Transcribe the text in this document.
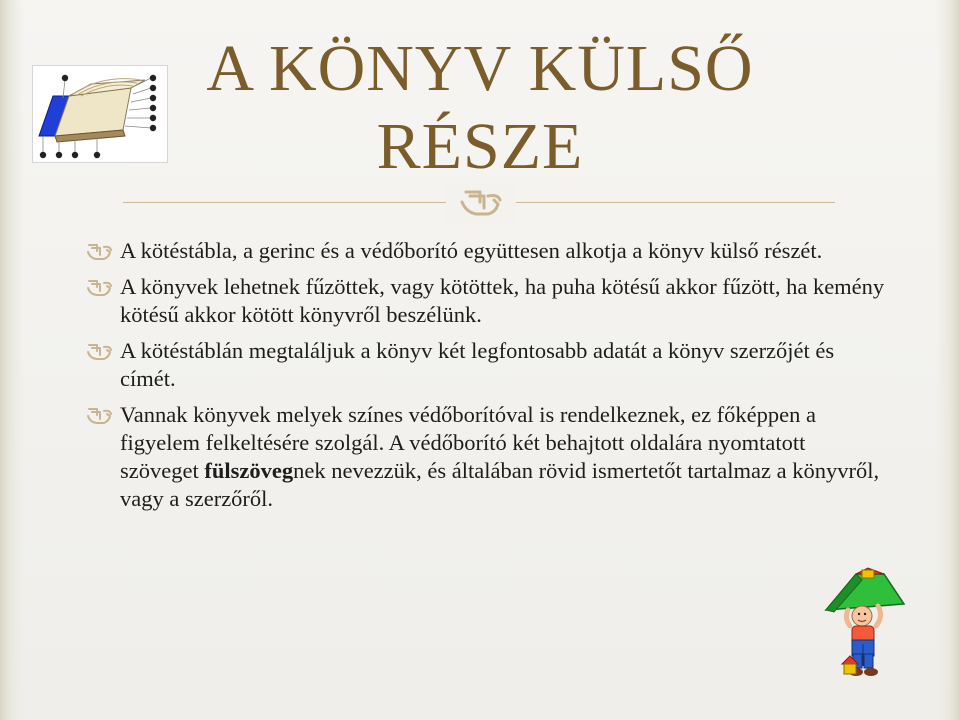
A KÖNYV KÜLSŐ
RÉSZE
A kötéstábla, a gerinc és a védőborító együttesen alkotja a könyv külső részét.
A könyvek lehetnek fűzöttek, vagy kötöttek, ha puha kötésű akkor fűzött, ha kemény kötésű akkor kötött könyvről beszélünk.
A kötéstáblán megtaláljuk a könyv két legfontosabb adatát a könyv szerzőjét és címét.
Vannak könyvek melyek színes védőborítóval is rendelkeznek, ez főképpen a figyelem felkeltésére szolgál. A védőborító két behajtott oldalára nyomtatott szöveget fülszövegnek nevezzük, és általában rövid ismertetőt tartalmaz a könyvről, vagy a szerzőről.
